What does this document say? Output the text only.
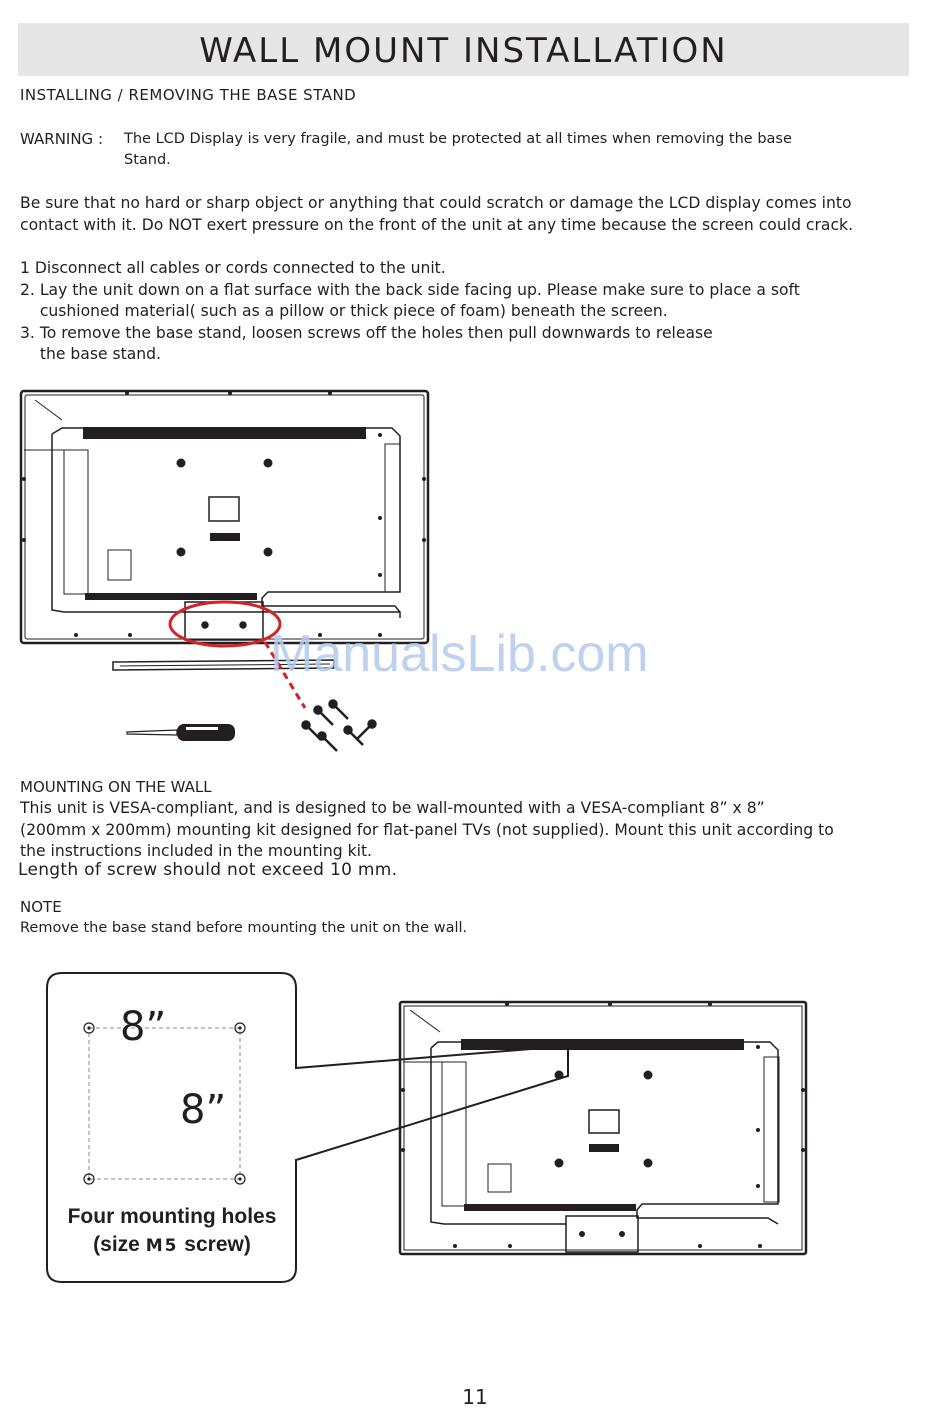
WALL MOUNT INSTALLATION
INSTALLING / REMOVING THE BASE STAND
WARNING : The LCD Display is very fragile, and must be protected at all times when removing the base
Stand.
Be sure that no hard or sharp object or anything that could scratch or damage the LCD display comes into
contact with it. Do NOT exert pressure on the front of the unit at any time because the screen could crack.
1 Disconnect all cables or cords connected to the unit.
2. Lay the unit down on a flat surface with the back side facing up. Please make sure to place a soft
cushioned material( such as a pillow or thick piece of foam) beneath the screen.
3. To remove the base stand, loosen screws off the holes then pull downwards to release
the base stand.
ManualsLib.com
MOUNTING ON THE WALL
This unit is VESA-compliant, and is designed to be wall-mounted with a VESA-compliant 8” x 8”
(200mm x 200mm) mounting kit designed for flat-panel TVs (not supplied). Mount this unit according to
the instructions included in the mounting kit.
Length of screw should not exceed 10 mm.
NOTE
Remove the base stand before mounting the unit on the wall.
8”
8”
Four mounting holes
(size M5 screw)
11
